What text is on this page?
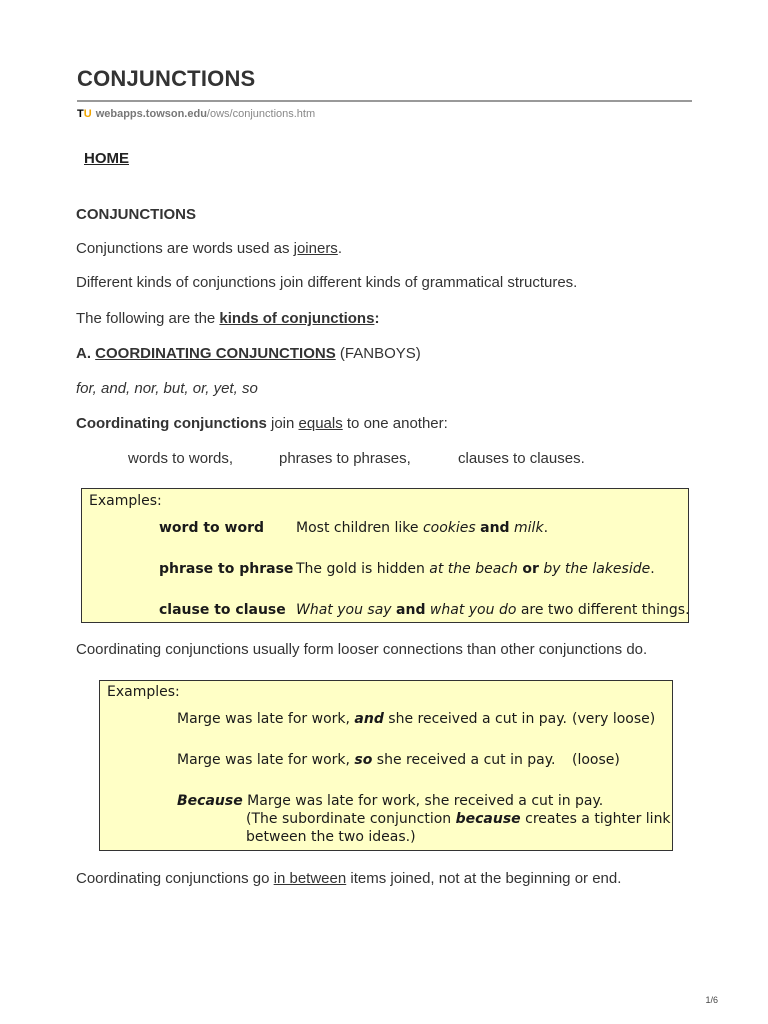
CONJUNCTIONS
TU webapps.towson.edu /ows/conjunctions.htm
HOME
CONJUNCTIONS
Conjunctions are words used as joiners.
Different kinds of conjunctions join different kinds of grammatical structures.
The following are the kinds of conjunctions:
A. COORDINATING CONJUNCTIONS (FANBOYS)
for, and, nor, but, or, yet, so
Coordinating conjunctions join equals to one another:
words to words,	phrases to phrases,	clauses to clauses.
Examples:
word to word Most children like cookies and milk.
phrase to phrase The gold is hidden at the beach or by the lakeside.
clause to clause What you say and what you do are two different things.
Coordinating conjunctions usually form looser connections than other conjunctions do.
Examples:
Marge was late for work, and she received a cut in pay. (very loose)
Marge was late for work, so she received a cut in pay. (loose)
Because Marge was late for work, she received a cut in pay.
(The subordinate conjunction because creates a tighter link
between the two ideas.)
Coordinating conjunctions go in between items joined, not at the beginning or end.
1/6
